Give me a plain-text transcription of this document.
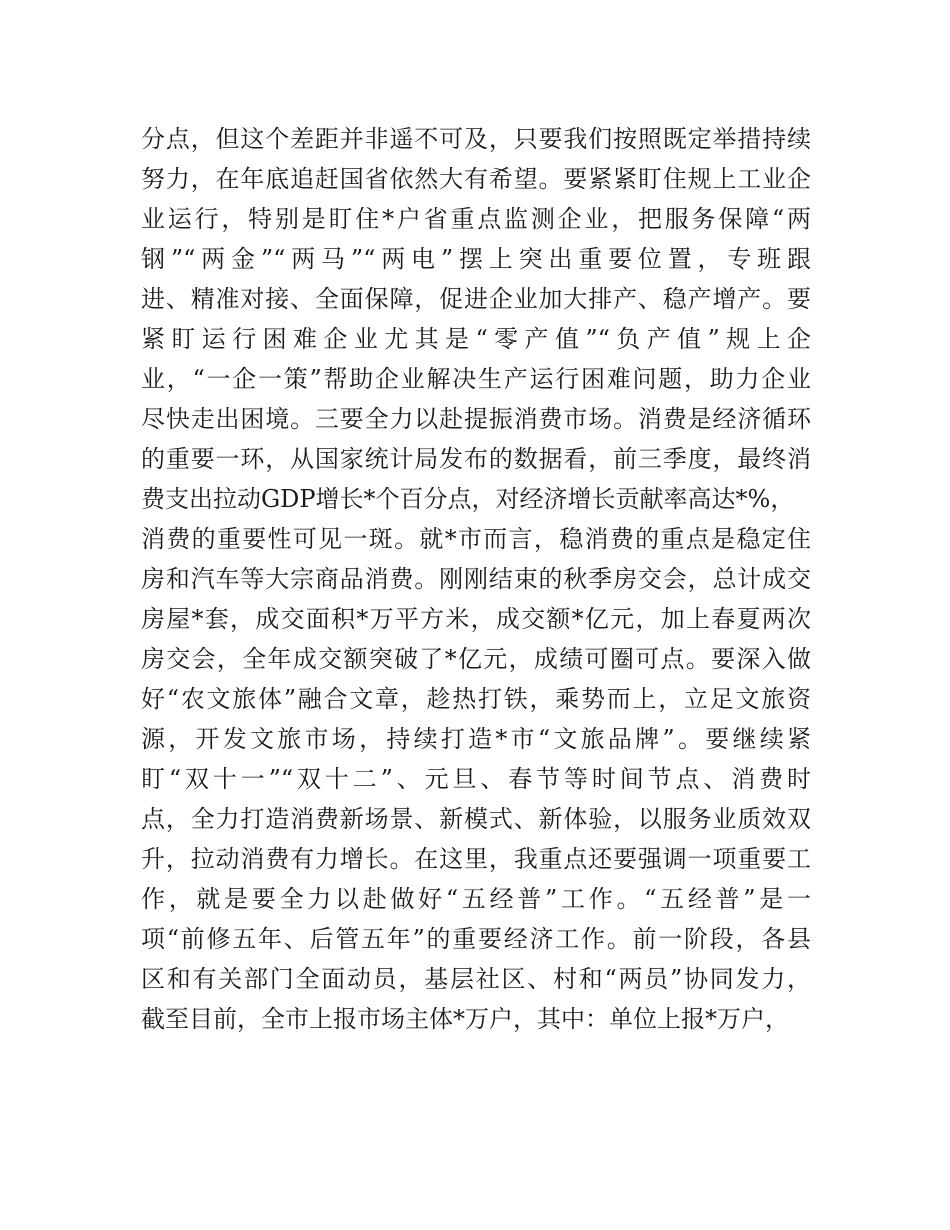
分点，但这个差距并非遥不可及，只要我们按照既定举措持续
努力，在年底追赶国省依然大有希望。要紧紧盯住规上工业企
业运行，特别是盯住*户省重点监测企业，把服务保障“两
钢”“两金”“两马”“两电”摆上突出重要位置，专班跟
进、精准对接、全面保障，促进企业加大排产、稳产增产。要
紧盯运行困难企业尤其是“零产值”“负产值”规上企
业，“一企一策”帮助企业解决生产运行困难问题，助力企业
尽快走出困境。三要全力以赴提振消费市场。消费是经济循环
的重要一环，从国家统计局发布的数据看，前三季度，最终消
费支出拉动GDP增长*个百分点，对经济增长贡献率高达*%，
消费的重要性可见一斑。就*市而言，稳消费的重点是稳定住
房和汽车等大宗商品消费。刚刚结束的秋季房交会，总计成交
房屋*套，成交面积*万平方米，成交额*亿元，加上春夏两次
房交会，全年成交额突破了*亿元，成绩可圈可点。要深入做
好“农文旅体”融合文章，趁热打铁，乘势而上，立足文旅资
源，开发文旅市场，持续打造*市“文旅品牌”。要继续紧
盯“双十一”“双十二”、元旦、春节等时间节点、消费时
点，全力打造消费新场景、新模式、新体验，以服务业质效双
升，拉动消费有力增长。在这里，我重点还要强调一项重要工
作，就是要全力以赴做好“五经普”工作。“五经普”是一
项“前修五年、后管五年”的重要经济工作。前一阶段，各县
区和有关部门全面动员，基层社区、村和“两员”协同发力，
截至目前，全市上报市场主体*万户，其中：单位上报*万户，
